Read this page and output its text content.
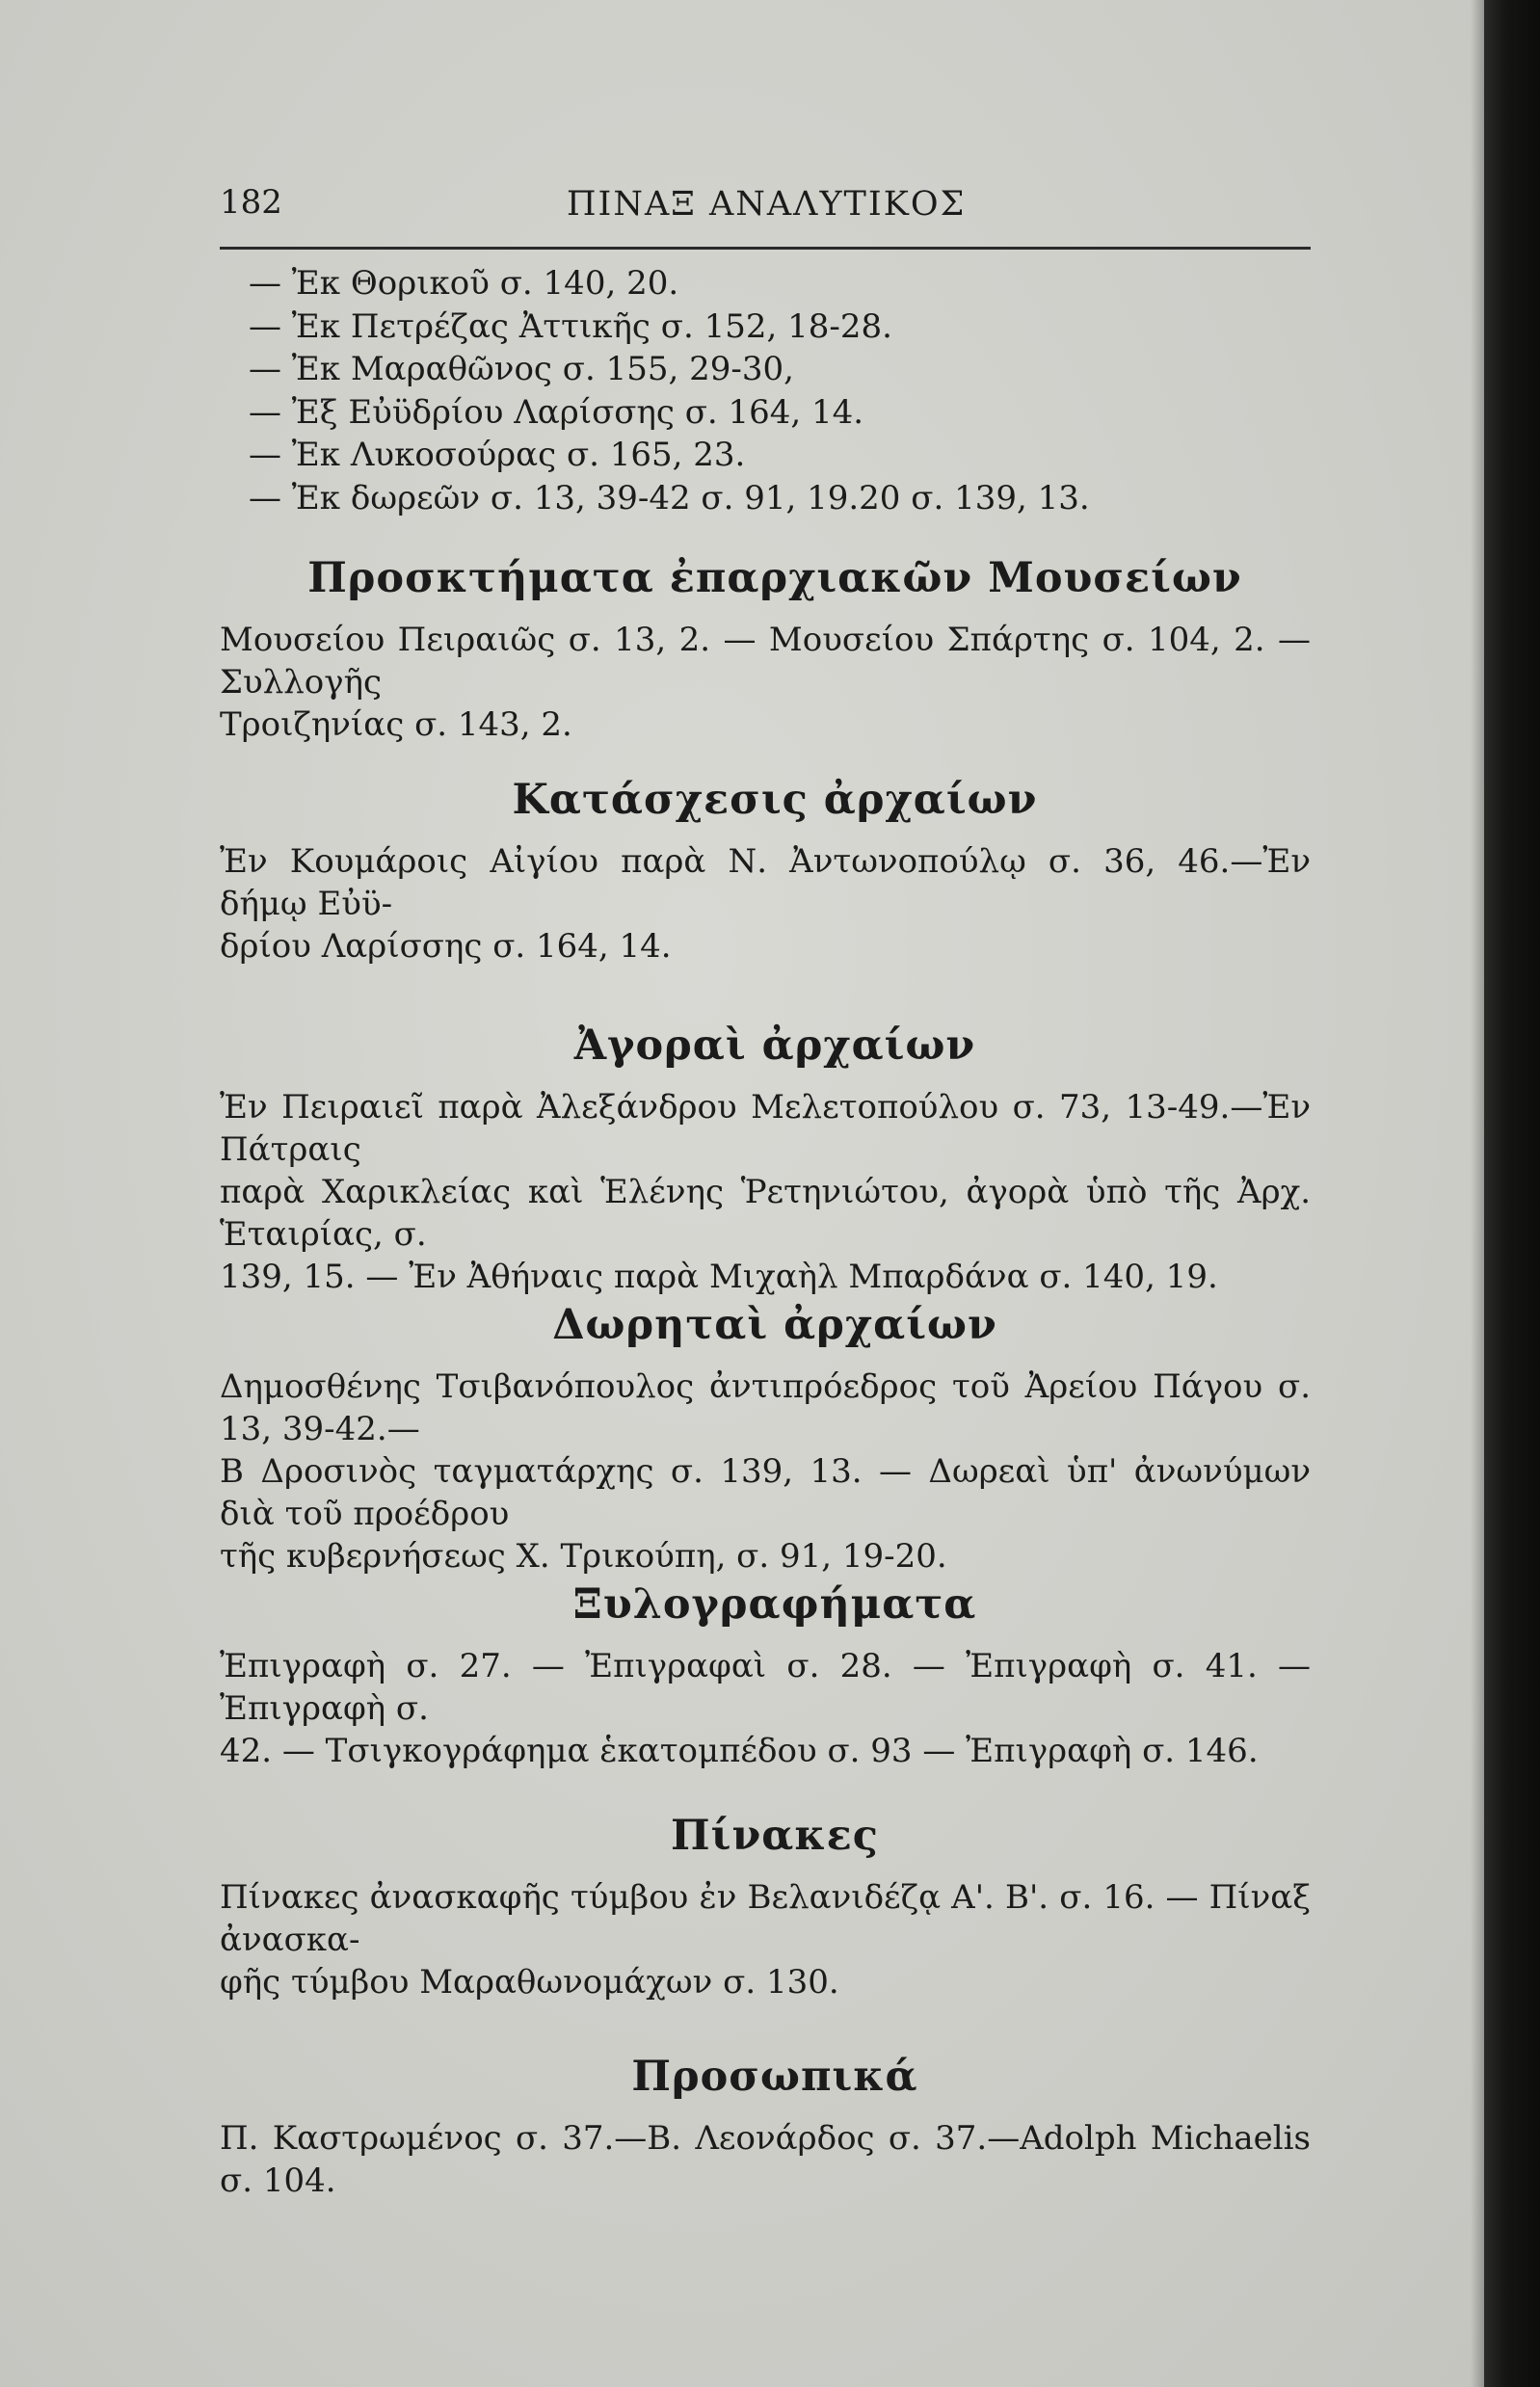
182	ΠΙΝΑΞ ΑΝΑΛΥΤΙΚΟΣ
— Ἐκ Θορικοῦ σ. 140, 20.
— Ἐκ Πετρέζας Ἀττικῆς σ. 152, 18-28.
— Ἐκ Μαραθῶνος σ. 155, 29-30,
— Ἐξ Εὐϋδρίου Λαρίσσης σ. 164, 14.
— Ἐκ Λυκοσούρας σ. 165, 23.
— Ἐκ δωρεῶν σ. 13, 39-42 σ. 91, 19.20 σ. 139, 13.
Προσκτήματα ἐπαρχιακῶν Μουσείων

Μουσείου Πειραιῶς σ. 13, 2. — Μουσείου Σπάρτης σ. 104, 2. — Συλλογῆς
Τροιζηνίας σ. 143, 2.

Κατάσχεσις ἀρχαίων

Ἐν Κουμάροις Αἰγίου παρὰ Ν. Ἀντωνοπούλῳ σ. 36, 46.—Ἐν δήμῳ Εὐϋ-
δρίου Λαρίσσης σ. 164, 14.

Ἀγοραὶ ἀρχαίων

Ἐν Πειραιεῖ παρὰ Ἀλεξάνδρου Μελετοπούλου σ. 73, 13-49.—Ἐν Πάτραις
παρὰ Χαρικλείας καὶ Ἑλένης Ῥετηνιώτου, ἀγορὰ ὑπὸ τῆς Ἀρχ. Ἑταιρίας, σ.
139, 15. — Ἐν Ἀθήναις παρὰ Μιχαὴλ Μπαρδάνα σ. 140, 19.

Δωρηταὶ ἀρχαίων

Δημοσθένης Τσιβανόπουλος ἀντιπρόεδρος τοῦ Ἀρείου Πάγου σ. 13, 39-42.—
Β Δροσινὸς ταγματάρχης σ. 139, 13. — Δωρεαὶ ὑπ' ἀνωνύμων διὰ τοῦ προέδρου
τῆς κυβερνήσεως Χ. Τρικούπη, σ. 91, 19-20.

Ξυλογραφήματα

Ἐπιγραφὴ σ. 27. — Ἐπιγραφαὶ σ. 28. — Ἐπιγραφὴ σ. 41. — Ἐπιγραφὴ σ.
42. — Τσιγκογράφημα ἑκατομπέδου σ. 93 — Ἐπιγραφὴ σ. 146.

Πίνακες

Πίνακες ἀνασκαφῆς τύμβου ἐν Βελανιδέζᾳ Α'. Β'. σ. 16. — Πίναξ ἀνασκα-
φῆς τύμβου Μαραθωνομάχων σ. 130.

Προσωπικά

Π. Καστρωμένος σ. 37.—Β. Λεονάρδος σ. 37.—Adolph Michaelis σ. 104.
